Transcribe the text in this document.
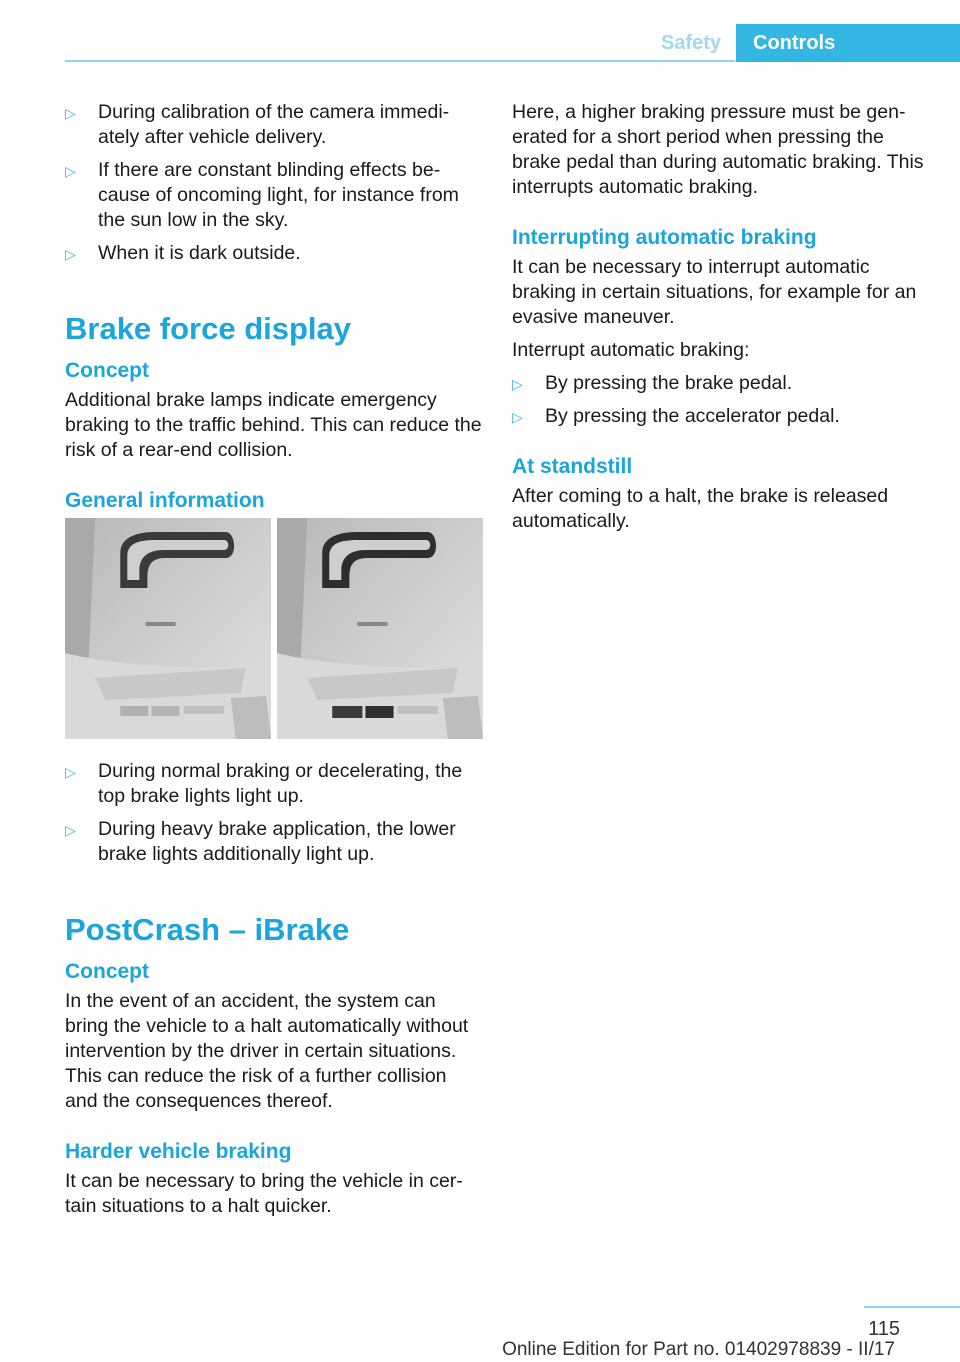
Safety	Controls
▷ During calibration of the camera immedi‐ately after vehicle delivery.
▷ If there are constant blinding effects be‐cause of oncoming light, for instance from the sun low in the sky.
▷ When it is dark outside.
Brake force display
Concept

Additional brake lamps indicate emergency braking to the traffic behind. This can reduce the risk of a rear-end collision.

General information
▷ During normal braking or decelerating, the top brake lights light up.
▷ During heavy brake application, the lower brake lights additionally light up.
PostCrash – iBrake
Concept

In the event of an accident, the system can bring the vehicle to a halt automatically without intervention by the driver in certain situations. This can reduce the risk of a further collision and the consequences thereof.

Harder vehicle braking

It can be necessary to bring the vehicle in cer‐tain situations to a halt quicker.

Here, a higher braking pressure must be gen‐erated for a short period when pressing the brake pedal than during automatic braking. This interrupts automatic braking.

Interrupting automatic braking

It can be necessary to interrupt automatic braking in certain situations, for example for an evasive maneuver.

Interrupt automatic braking:

▷ By pressing the brake pedal.
▷ By pressing the accelerator pedal.
At standstill

After coming to a halt, the brake is released automatically.

115
Online Edition for Part no. 01402978839 - II/17
